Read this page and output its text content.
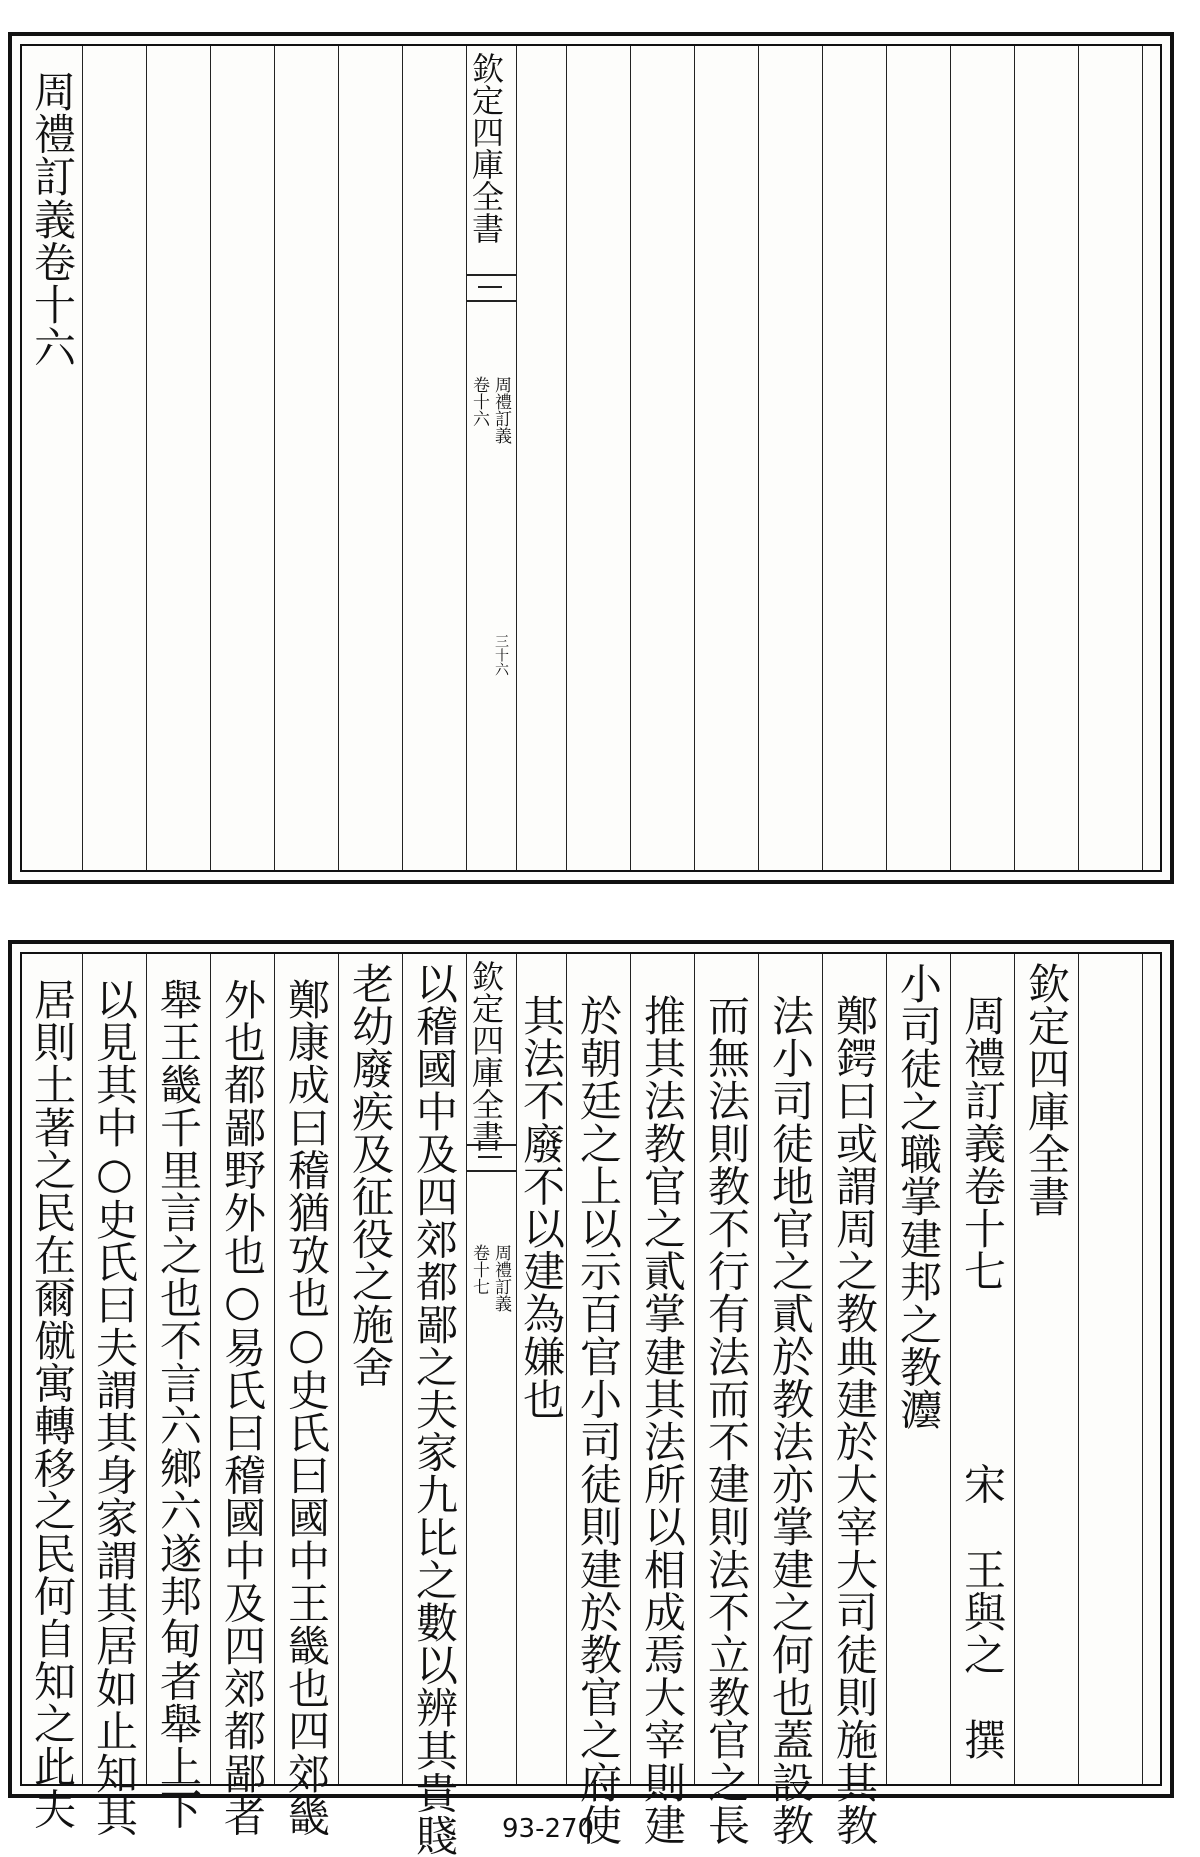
周禮訂義卷十六	欽定四庫全書
周禮訂義
卷十六
三十六
居則土著之民在爾僦寓轉移之民何自知之此夫 以見其中○史氏曰夫謂其身家謂其居如止知其 舉王畿千里言之也不言六鄉六遂邦甸者舉上下 外也都鄙野外也○易氏曰稽國中及四郊都鄙者 鄭康成曰稽猶攷也○史氏曰國中王畿也四郊畿 老幼廢疾及征役之施舍 以稽國中及四郊都鄙之夫家九比之數以辨其貴賤 欽定四庫全書
周禮訂義
卷十七 其法不廢不以建為嫌也 於朝廷之上以示百官小司徒則建於教官之府使 推其法教官之貳掌建其法所以相成焉大宰則建 而無法則教不行有法而不建則法不立教官之長 法小司徒地官之貳於教法亦掌建之何也蓋設教 鄭鍔曰或謂周之教典建於大宰大司徒則施其教 小司徒之職掌建邦之教灋 周禮訂義卷十七　　　　宋　王與之　撰 欽定四庫全書
93-270
